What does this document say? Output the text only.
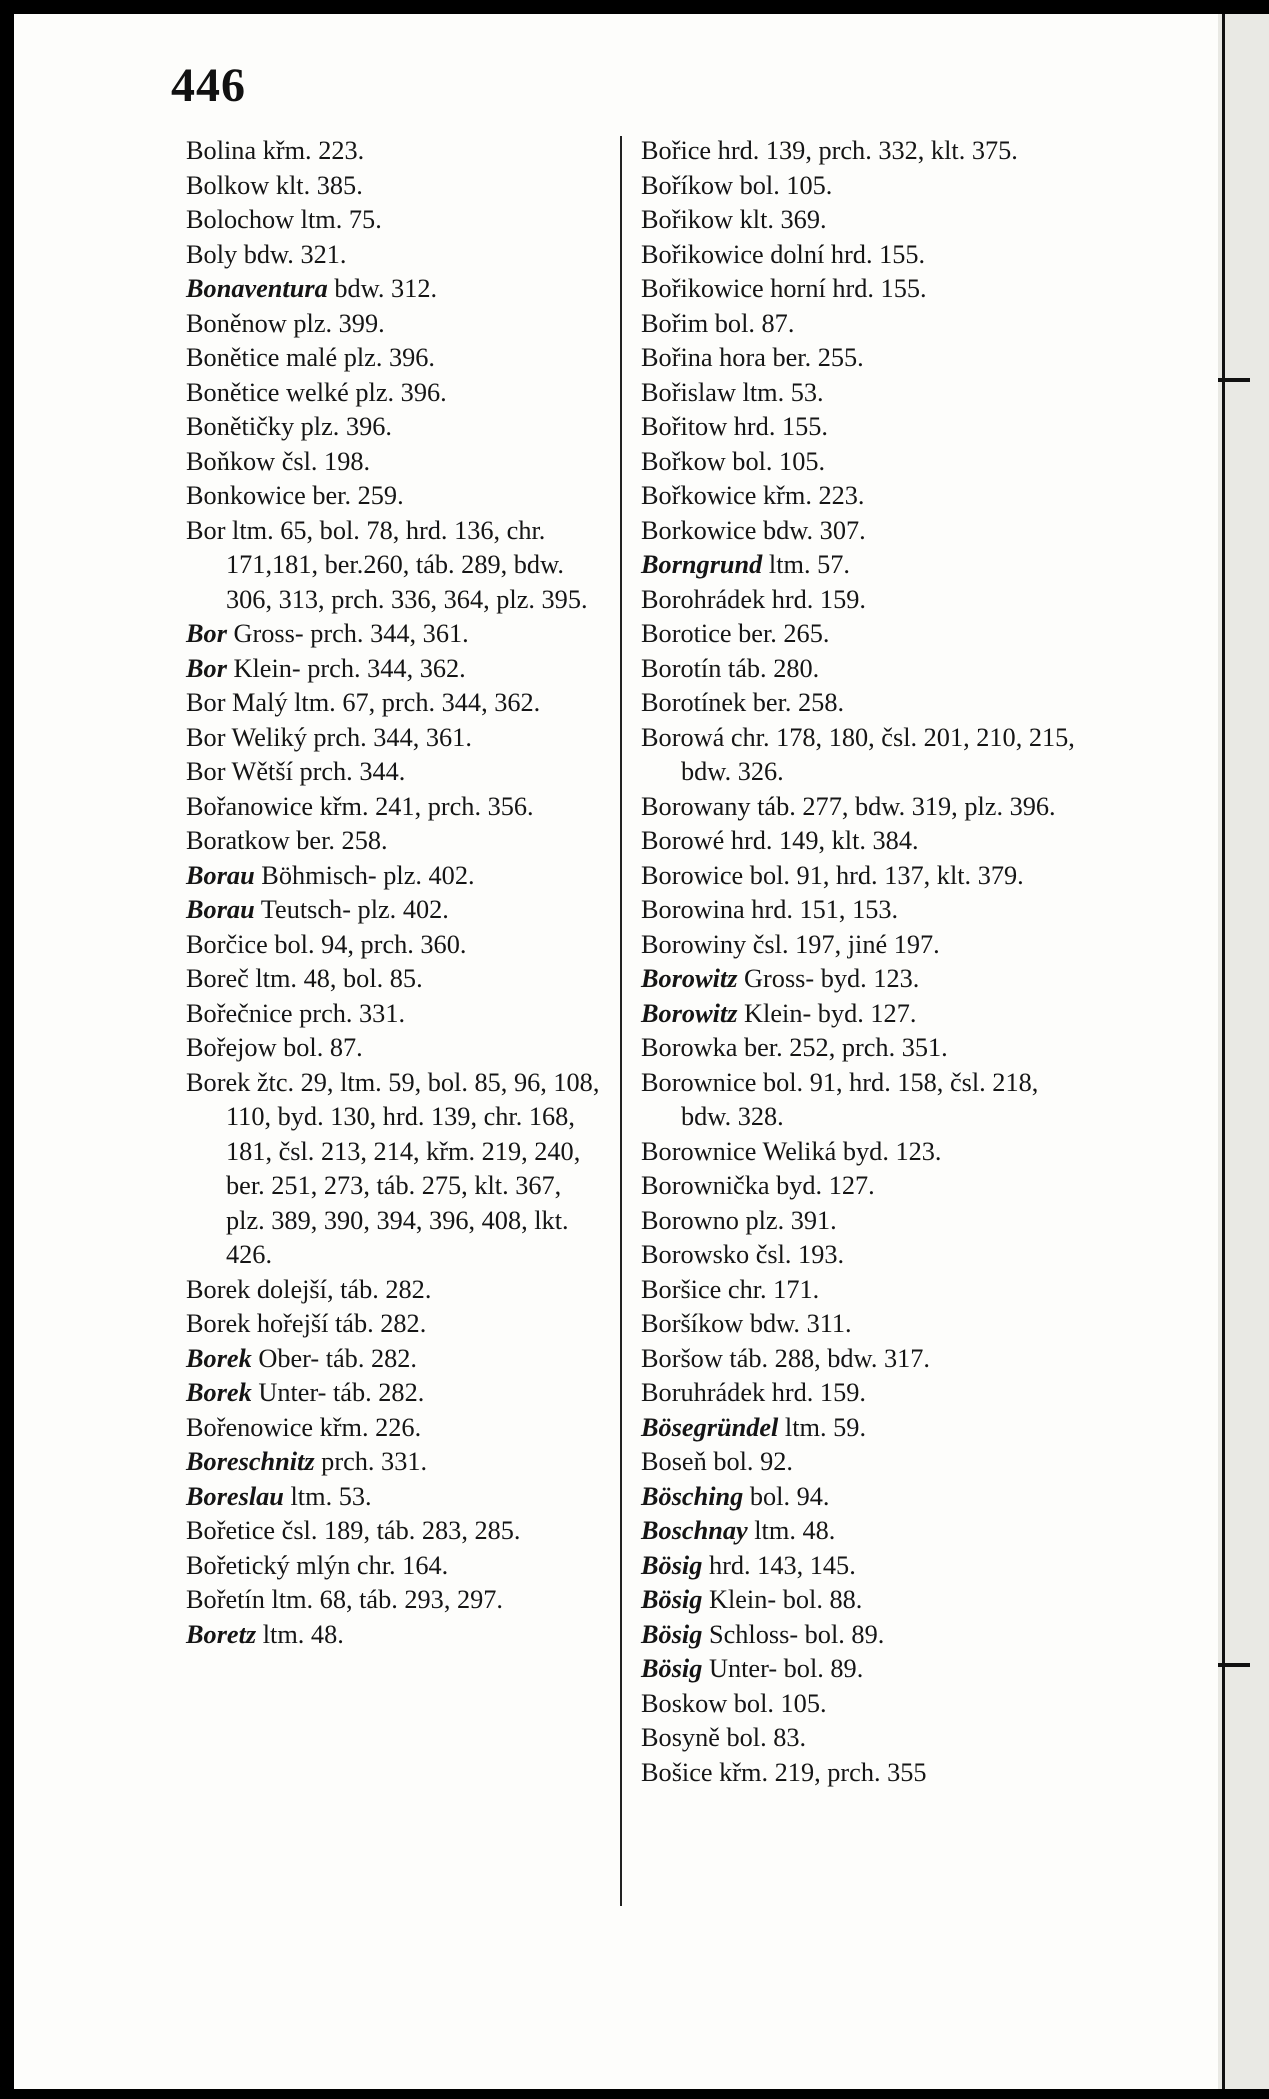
446
Bolina křm. 223.
Bolkow klt. 385.
Bolochow ltm. 75.
Boly bdw. 321.
Bonaventura bdw. 312.
Boněnow plz. 399.
Bonětice malé plz. 396.
Bonětice welké plz. 396.
Bonětičky plz. 396.
Boňkow čsl. 198.
Bonkowice ber. 259.
Bor ltm. 65, bol. 78, hrd. 136, chr. 171,181, ber.260, táb. 289, bdw. 306, 313, prch. 336, 364, plz. 395.
Bor Gross- prch. 344, 361.
Bor Klein- prch. 344, 362.
Bor Malý ltm. 67, prch. 344, 362.
Bor Weliký prch. 344, 361.
Bor Wětší prch. 344.
Bořanowice křm. 241, prch. 356.
Boratkow ber. 258.
Borau Böhmisch- plz. 402.
Borau Teutsch- plz. 402.
Borčice bol. 94, prch. 360.
Boreč ltm. 48, bol. 85.
Bořečnice prch. 331.
Bořejow bol. 87.
Borek žtc. 29, ltm. 59, bol. 85, 96, 108, 110, byd. 130, hrd. 139, chr. 168, 181, čsl. 213, 214, křm. 219, 240, ber. 251, 273, táb. 275, klt. 367, plz. 389, 390, 394, 396, 408, lkt. 426.
Borek dolejší, táb. 282.
Borek hořejší táb. 282.
Borek Ober- táb. 282.
Borek Unter- táb. 282.
Bořenowice křm. 226.
Boreschnitz prch. 331.
Boreslau ltm. 53.
Bořetice čsl. 189, táb. 283, 285.
Bořetický mlýn chr. 164.
Bořetín ltm. 68, táb. 293, 297.
Boretz ltm. 48.
Bořice hrd. 139, prch. 332, klt. 375.
Boříkow bol. 105.
Bořikow klt. 369.
Bořikowice dolní hrd. 155.
Bořikowice horní hrd. 155.
Bořim bol. 87.
Bořina hora ber. 255.
Bořislaw ltm. 53.
Bořitow hrd. 155.
Bořkow bol. 105.
Bořkowice křm. 223.
Borkowice bdw. 307.
Borngrund ltm. 57.
Borohrádek hrd. 159.
Borotice ber. 265.
Borotín táb. 280.
Borotínek ber. 258.
Borowá chr. 178, 180, čsl. 201, 210, 215, bdw. 326.
Borowany táb. 277, bdw. 319, plz. 396.
Borowé hrd. 149, klt. 384.
Borowice bol. 91, hrd. 137, klt. 379.
Borowina hrd. 151, 153.
Borowiny čsl. 197, jiné 197.
Borowitz Gross- byd. 123.
Borowitz Klein- byd. 127.
Borowka ber. 252, prch. 351.
Borownice bol. 91, hrd. 158, čsl. 218, bdw. 328.
Borownice Weliká byd. 123.
Borownička byd. 127.
Borowno plz. 391.
Borowsko čsl. 193.
Boršice chr. 171.
Boršíkow bdw. 311.
Boršow táb. 288, bdw. 317.
Boruhrádek hrd. 159.
Bösegründel ltm. 59.
Boseň bol. 92.
Bösching bol. 94.
Boschnay ltm. 48.
Bösig hrd. 143, 145.
Bösig Klein- bol. 88.
Bösig Schloss- bol. 89.
Bösig Unter- bol. 89.
Boskow bol. 105.
Bosyně bol. 83.
Bošice křm. 219, prch. 355
